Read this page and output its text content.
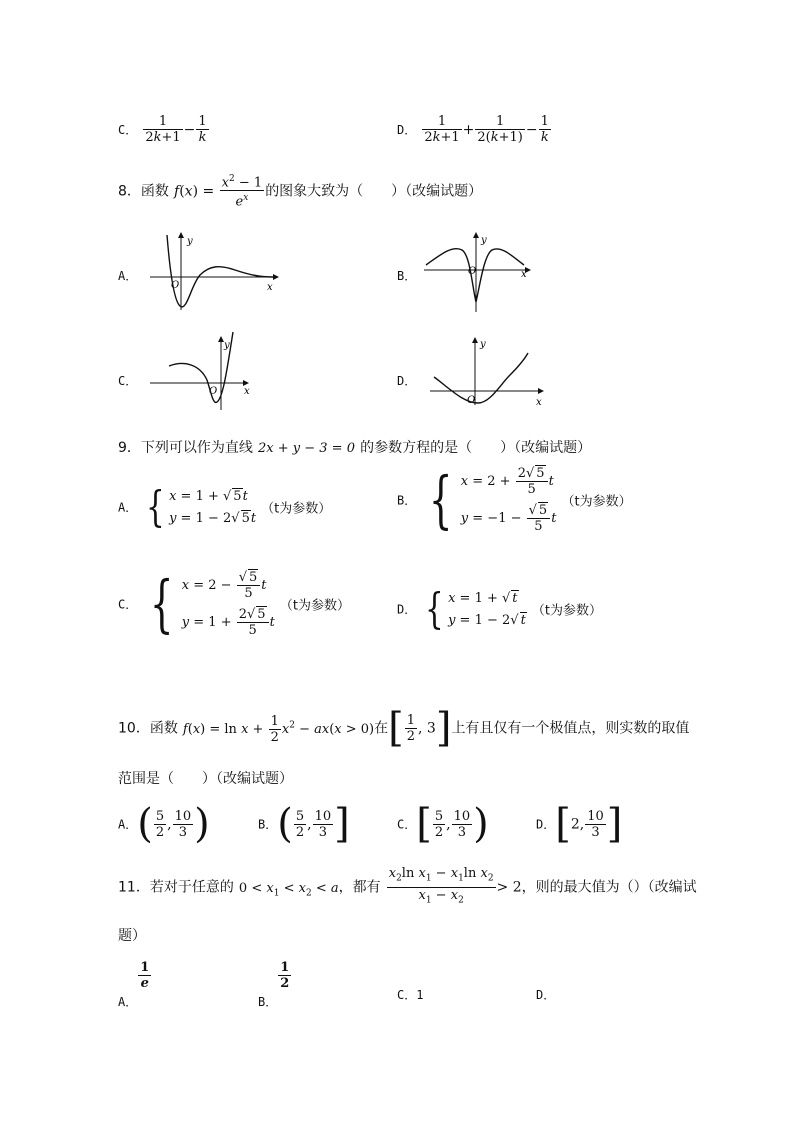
C． $\frac{1}{2k+1} - \frac{1}{k}$	D． $\frac{1}{2k+1} + \frac{1}{2(k+1)} - \frac{1}{k}$
8．函数 $f(x) = \frac{x^2 - 1}{e^x}$ 的图象大致为（　　）（改编试题）
A．
y
x
O
B．
y
x
O
C．
y
x
O
D．
y
x
O
9．下列可以作为直线 2x + y − 3 = 0 的参数方程的是（　　）（改编试题）
A． { x = 1 + √ 5 t
y = 1 − 2√ 5 t
（t为参数）
B． { $x = 2 + \frac{2√ 5}{5}$ t
$y = -1 - \frac{√ 5}{5}$ t
（t为参数）
C． { $x = 2 - \frac{√ 5}{5}$ t
$y = 1 + \frac{2√ 5}{5}$ t
（t为参数）	D． { x = 1 + √ t
y = 1 − 2√ t
（t为参数）
10．函数 $f(x) = \ln x + \frac{1}{2} x^2 - ax(x > 0)$在[ $\frac{1}{2}$ , 3]上有且仅有一个极值点，则实数的取值
范围是（　　）（改编试题）
A．( $\frac{5}{2}$ , $\frac{10}{3}$ )	B．( $\frac{5}{2}$ , $\frac{10}{3}$ ]	C．[ $\frac{5}{2}$ , $\frac{10}{3}$ )	D．[2, $\frac{10}{3}$ ]
11．若对于任意的 $0 < x_1 < x_2 < a$，都有 $\frac{x_2\ln x_1 - x_1\ln x_2}{x_1 - x_2} > 2$，则的最大值为（）（改编试
题）
$_{A.}$
$\frac{1}{e}$
$_{B.}$
$\frac{1}{2}$
C．1	D．
